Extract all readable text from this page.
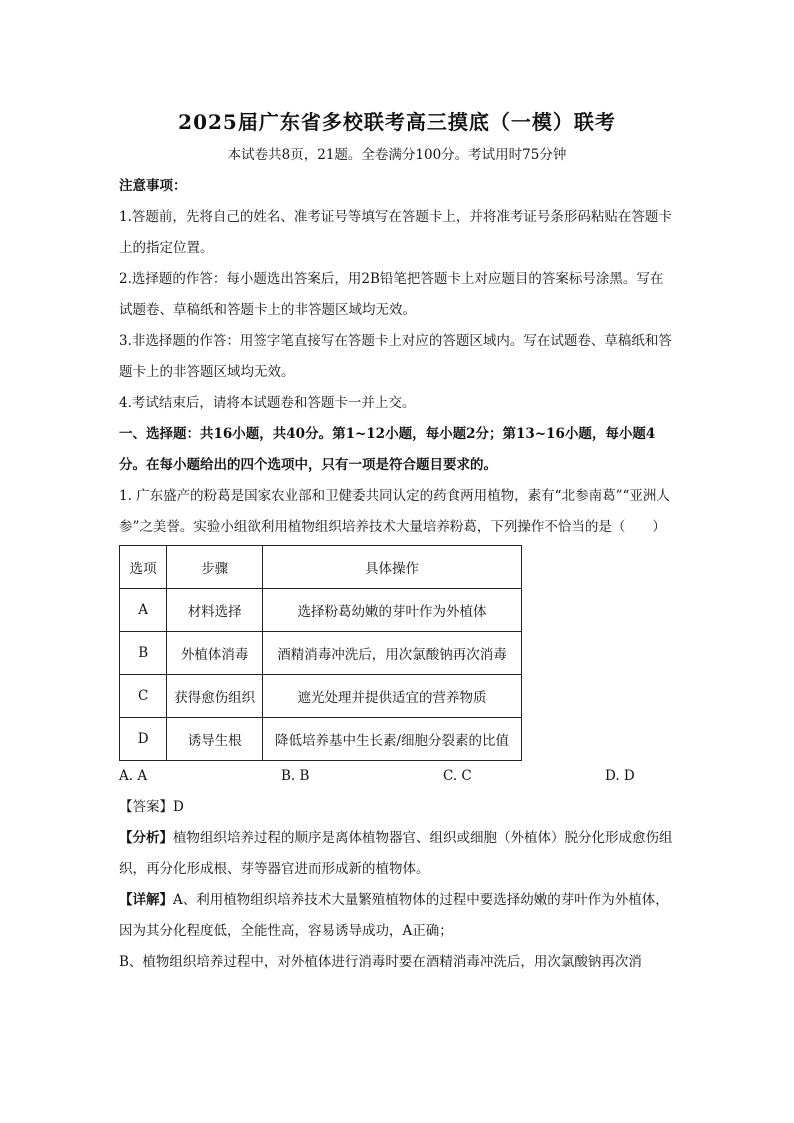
2025届广东省多校联考高三摸底（一模）联考
本试卷共8页，21题。全卷满分100分。考试用时75分钟
注意事项：
1.答题前，先将自己的姓名、准考证号等填写在答题卡上，并将准考证号条形码粘贴在答题卡上的指定位置。
2.选择题的作答：每小题选出答案后，用2B铅笔把答题卡上对应题目的答案标号涂黑。写在试题卷、草稿纸和答题卡上的非答题区域均无效。
3.非选择题的作答：用签字笔直接写在答题卡上对应的答题区域内。写在试题卷、草稿纸和答题卡上的非答题区域均无效。
4.考试结束后，请将本试题卷和答题卡一并上交。
一、选择题：共16小题，共40分。第1~12小题，每小题2分；第13~16小题，每小题4分。在每小题给出的四个选项中，只有一项是符合题目要求的。
1. 广东盛产的粉葛是国家农业部和卫健委共同认定的药食两用植物，素有“北参南葛”“亚洲人参”之美誉。实验小组欲利用植物组织培养技术大量培养粉葛，下列操作不恰当的是（　　）
选项	步骤	具体操作
A	材料选择	选择粉葛幼嫩的芽叶作为外植体
B	外植体消毒	酒精消毒冲洗后，用次氯酸钠再次消毒
C	获得愈伤组织	遮光处理并提供适宜的营养物质
D	诱导生根	降低培养基中生长素/细胞分裂素的比值
A. A	B. B	C. C	D. D
【答案】D
【分析】植物组织培养过程的顺序是离体植物器官、组织或细胞（外植体）脱分化形成愈伤组织，再分化形成根、芽等器官进而形成新的植物体。
【详解】A、利用植物组织培养技术大量繁殖植物体的过程中要选择幼嫩的芽叶作为外植体，因为其分化程度低，全能性高，容易诱导成功，A正确；
B、植物组织培养过程中，对外植体进行消毒时要在酒精消毒冲洗后，用次氯酸钠再次消
